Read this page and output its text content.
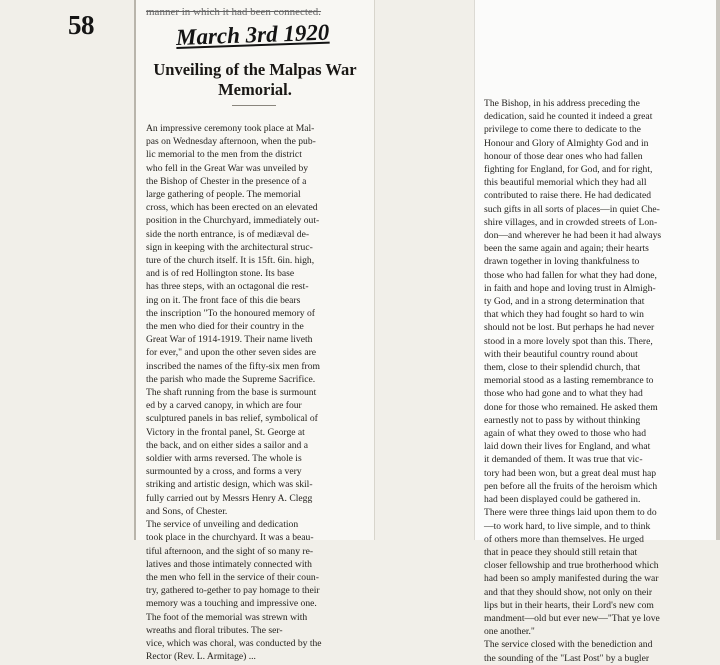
58	manner in which it had been connected.
March 3rd 1920
Unveiling of the Malpas War Memorial.
An impressive ceremony took place at Mal-
pas on Wednesday afternoon, when the pub-
lic memorial to the men from the district
who fell in the Great War was unveiled by
the Bishop of Chester in the presence of a
large gathering of people. The memorial
cross, which has been erected on an elevated
position in the Churchyard, immediately out-
side the north entrance, is of mediæval de-
sign in keeping with the architectural struc-
ture of the church itself. It is 15ft. 6in. high,
and is of red Hollington stone. Its base
has three steps, with an octagonal die rest-
ing on it. The front face of this die bears
the inscription "To the honoured memory of
the men who died for their country in the
Great War of 1914-1919. Their name liveth
for ever," and upon the other seven sides are
inscribed the names of the fifty-six men from
the parish who made the Supreme Sacrifice.
The shaft running from the base is surmount
ed by a carved canopy, in which are four
sculptured panels in bas relief, symbolical of
Victory in the frontal panel, St. George at
the back, and on either sides a sailor and a
soldier with arms reversed. The whole is
surmounted by a cross, and forms a very
striking and artistic design, which was skil-
fully carried out by Messrs Henry A. Clegg
and Sons, of Chester.
The service of unveiling and dedication
took place in the churchyard. It was a beau-
tiful afternoon, and the sight of so many re-
latives and those intimately connected with
the men who fell in the service of their coun-
try, gathered to-gether to pay homage to their
memory was a touching and impressive one.
The foot of the memorial was strewn with
wreaths and floral tributes. The ser-
vice, which was choral, was conducted by the
Rector (Rev. L. Armitage) ...
The Bishop, in his address preceding the
dedication, said he counted it indeed a great
privilege to come there to dedicate to the
Honour and Glory of Almighty God and in
honour of those dear ones who had fallen
fighting for England, for God, and for right,
this beautiful memorial which they had all
contributed to raise there. He had dedicated
such gifts in all sorts of places—in quiet Che-
shire villages, and in crowded streets of Lon-
don—and wherever he had been it had always
been the same again and again; their hearts
drawn together in loving thankfulness to
those who had fallen for what they had done,
in faith and hope and loving trust in Almigh-
ty God, and in a strong determination that
that which they had fought so hard to win
should not be lost. But perhaps he had never
stood in a more lovely spot than this. There,
with their beautiful country round about
them, close to their splendid church, that
memorial stood as a lasting remembrance to
those who had gone and to what they had
done for those who remained. He asked them
earnestly not to pass by without thinking
again of what they owed to those who had
laid down their lives for England, and what
it demanded of them. It was true that vic-
tory had been won, but a great deal must hap
pen before all the fruits of the heroism which
had been displayed could be gathered in.
There were three things laid upon them to do
—to work hard, to live simple, and to think
of others more than themselves. He urged
that in peace they should still retain that
closer fellowship and true brotherhood which
had been so amply manifested during the war
and that they should show, not only on their
lips but in their hearts, their Lord's new com
mandment—old but ever new—"That ye love
one another."
The service closed with the benediction and
the sounding of the "Last Post" by a bugler
